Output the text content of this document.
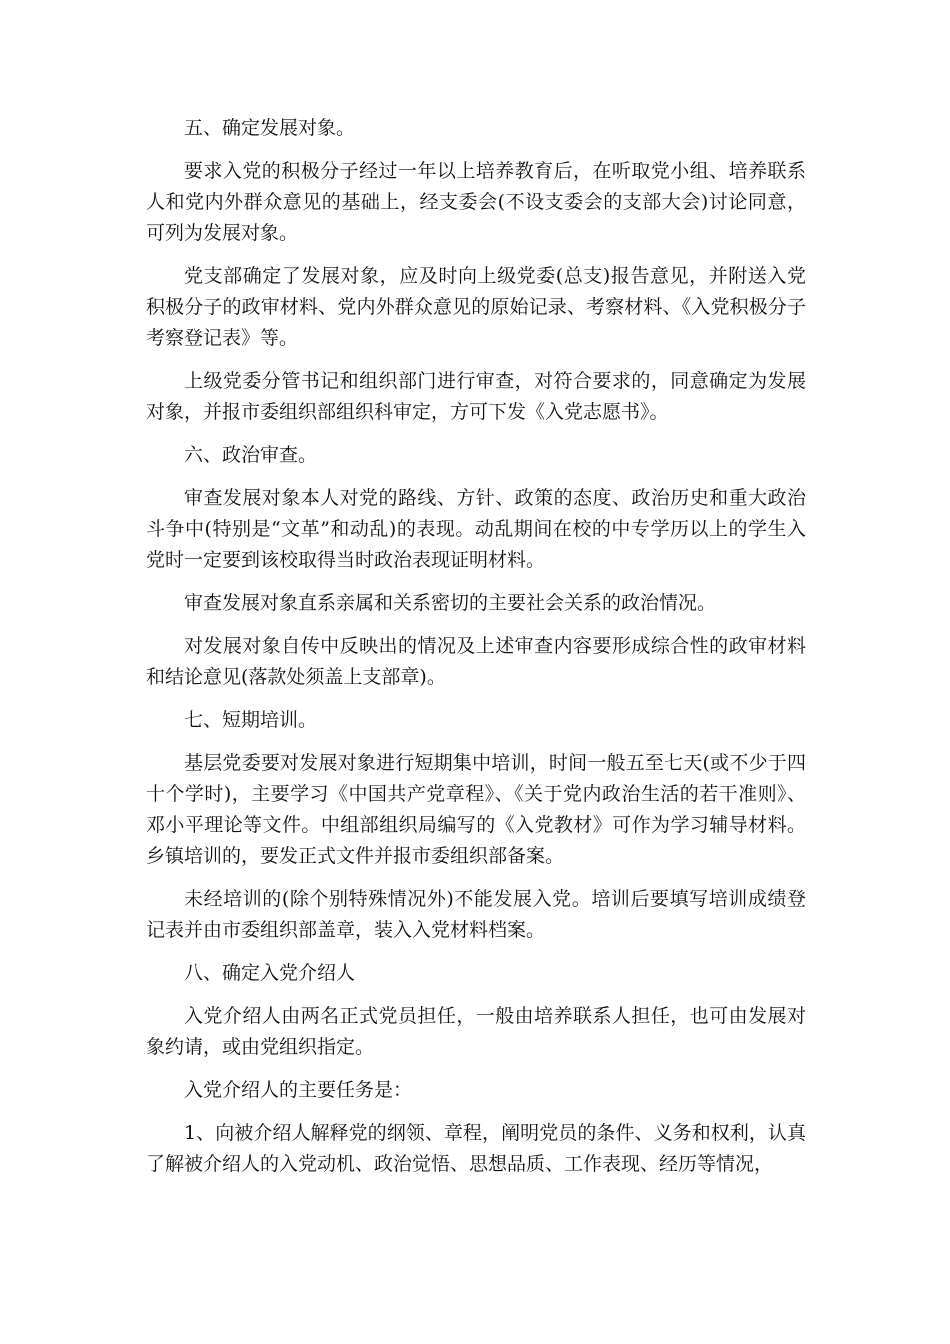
五、确定发展对象。

要求入党的积极分子经过一年以上培养教育后，在听取党小组、培养联系人和党内外群众意见的基础上，经支委会(不设支委会的支部大会)讨论同意，可列为发展对象。

党支部确定了发展对象，应及时向上级党委(总支)报告意见，并附送入党积极分子的政审材料、党内外群众意见的原始记录、考察材料、《入党积极分子考察登记表》等。

上级党委分管书记和组织部门进行审查，对符合要求的，同意确定为发展对象，并报市委组织部组织科审定，方可下发《入党志愿书》。

六、政治审查。

审查发展对象本人对党的路线、方针、政策的态度、政治历史和重大政治斗争中(特别是“文革”和动乱)的表现。动乱期间在校的中专学历以上的学生入党时一定要到该校取得当时政治表现证明材料。

审查发展对象直系亲属和关系密切的主要社会关系的政治情况。

对发展对象自传中反映出的情况及上述审查内容要形成综合性的政审材料和结论意见(落款处须盖上支部章)。

七、短期培训。

基层党委要对发展对象进行短期集中培训，时间一般五至七天(或不少于四十个学时)，主要学习《中国共产党章程》、《关于党内政治生活的若干准则》、邓小平理论等文件。中组部组织局编写的《入党教材》可作为学习辅导材料。乡镇培训的，要发正式文件并报市委组织部备案。

未经培训的(除个别特殊情况外)不能发展入党。培训后要填写培训成绩登记表并由市委组织部盖章，装入入党材料档案。

八、确定入党介绍人

入党介绍人由两名正式党员担任，一般由培养联系人担任，也可由发展对象约请，或由党组织指定。

入党介绍人的主要任务是：

1、向被介绍人解释党的纲领、章程，阐明党员的条件、义务和权利，认真了解被介绍人的入党动机、政治觉悟、思想品质、工作表现、经历等情况，
